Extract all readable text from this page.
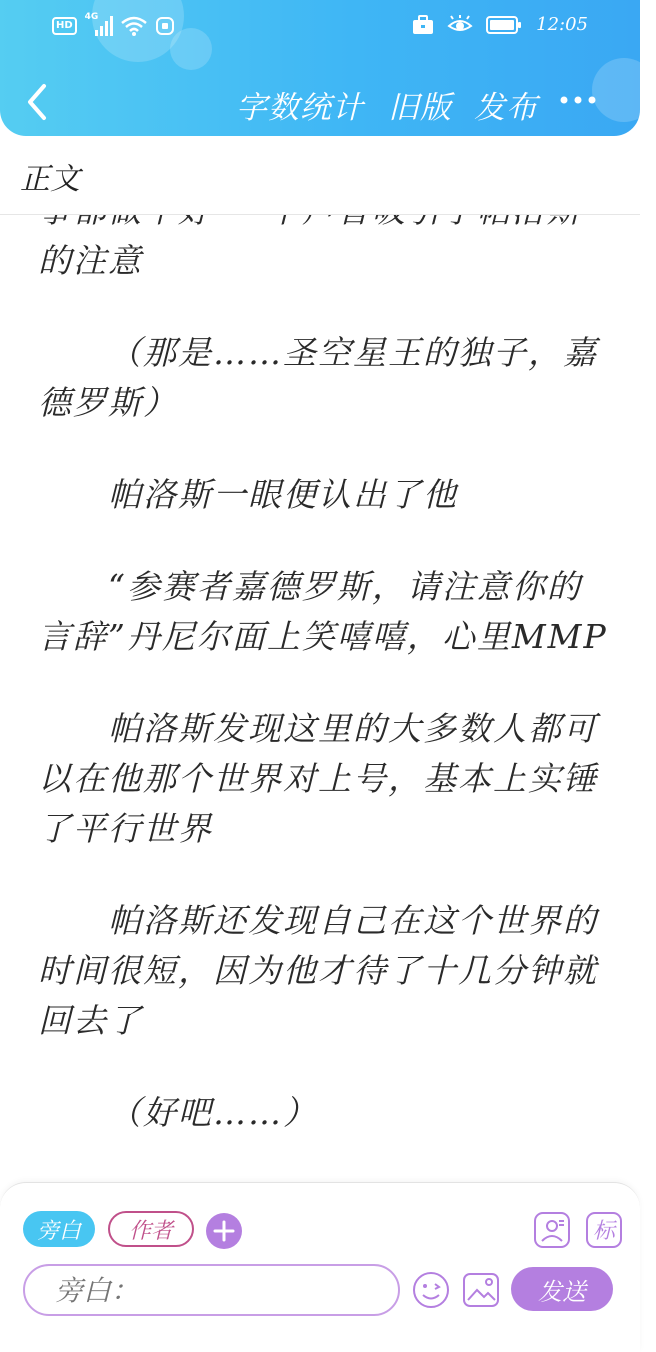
HD
4G	12:05
字数统计 旧版 发布
正文

的注意

（那是……圣空星王的独子，嘉德罗斯）

帕洛斯一眼便认出了他

“参赛者嘉德罗斯，请注意你的言辞”丹尼尔面上笑嘻嘻，心里MMP

帕洛斯发现这里的大多数人都可以在他那个世界对上号，基本上实锤了平行世界

帕洛斯还发现自己在这个世界的时间很短，因为他才待了十几分钟就回去了

（好吧……）

旁白	作者	标
旁白：
发送
